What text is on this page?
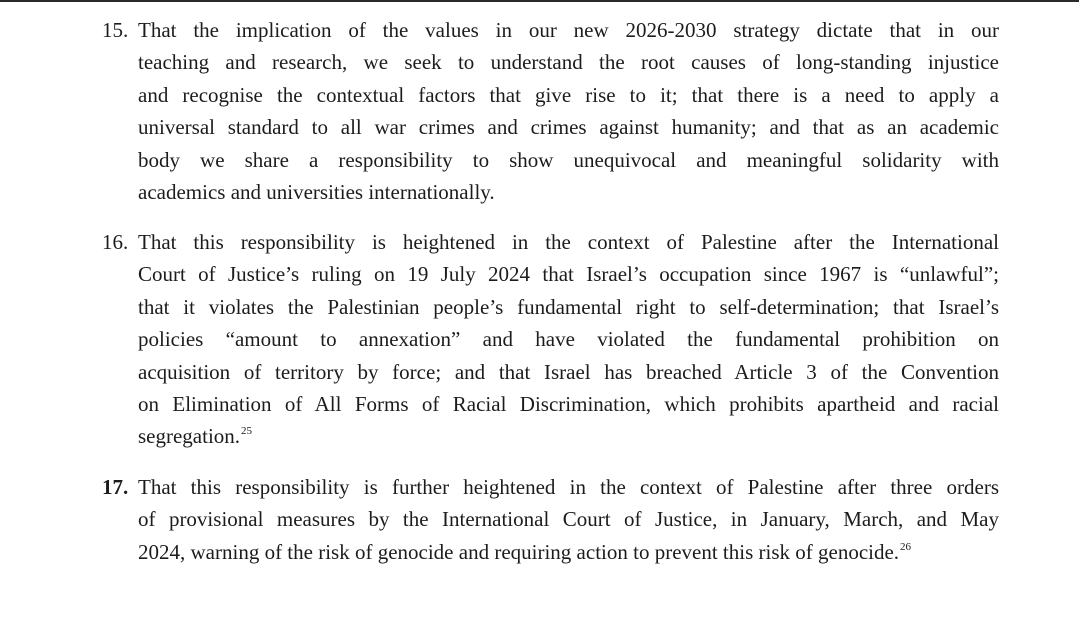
15. That the implication of the values in our new 2026-2030 strategy dictate that in our
teaching and research, we seek to understand the root causes of long-standing injustice
and recognise the contextual factors that give rise to it; that there is a need to apply a
universal standard to all war crimes and crimes against humanity; and that as an academic
body we share a responsibility to show unequivocal and meaningful solidarity with
academics and universities internationally.
16. That this responsibility is heightened in the context of Palestine after the International
Court of Justice’s ruling on 19 July 2024 that Israel’s occupation since 1967 is “unlawful”;
that it violates the Palestinian people’s fundamental right to self-determination; that Israel’s
policies “amount to annexation” and have violated the fundamental prohibition on
acquisition of territory by force; and that Israel has breached Article 3 of the Convention
on Elimination of All Forms of Racial Discrimination, which prohibits apartheid and racial
segregation.$^{25}$
17. That this responsibility is further heightened in the context of Palestine after three orders
of provisional measures by the International Court of Justice, in January, March, and May
2024, warning of the risk of genocide and requiring action to prevent this risk of genocide.$^{26}$
